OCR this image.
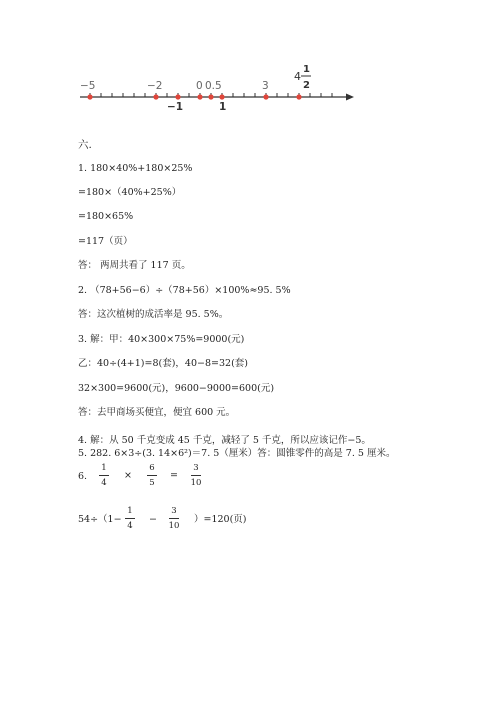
−5	−2	0 0.5	3
−1	1
4
1
2
六.
1. 180×40%+180×25%
=180×（40%+25%）
=180×65%
=117（页）
答： 两周共看了 117 页。
2. （78+56−6）÷（78+56）×100%≈95. 5%
答：这次植树的成活率是 95. 5%。
3. 解：甲：40×300×75%=9000(元)
乙：40÷(4+1)=8(套)，40−8=32(套)
32×300=9600(元)，9600−9000=600(元)
答：去甲商场买便宜，便宜 600 元。
4. 解：从 50 千克变成 45 千克，减轻了 5 千克，所以应该记作−5。
5. 282. 6×3÷(3. 14×6²)＝7. 5（厘米）答：圆锥零件的高是 7. 5 厘米。
6.
1
4
×
6
5
=
3
10
54÷（1−
1
4
−
3
10
）=120(页)
